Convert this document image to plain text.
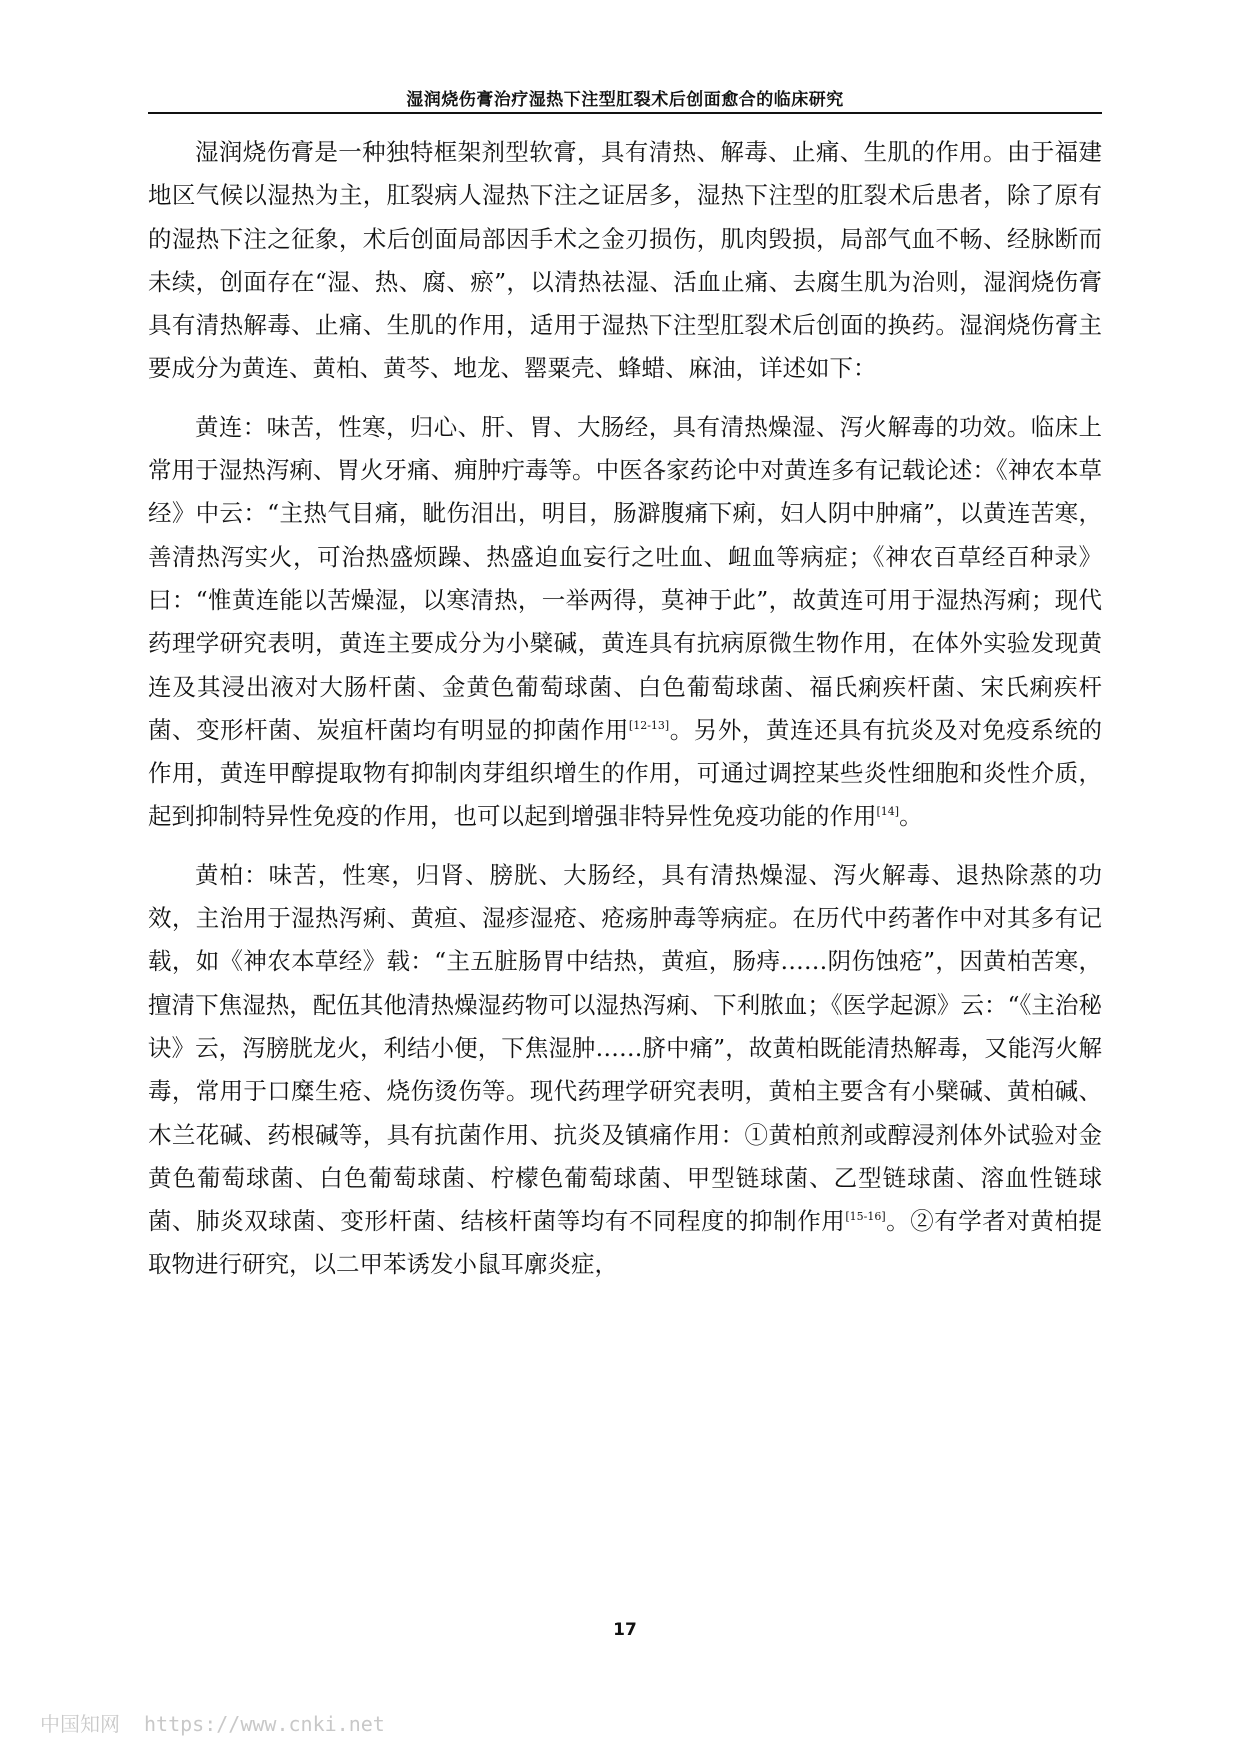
湿润烧伤膏治疗湿热下注型肛裂术后创面愈合的临床研究

湿润烧伤膏是一种独特框架剂型软膏，具有清热、解毒、止痛、生肌的作用。由于福建地区气候以湿热为主，肛裂病人湿热下注之证居多，湿热下注型的肛裂术后患者，除了原有的湿热下注之征象，术后创面局部因手术之金刃损伤，肌肉毁损，局部气血不畅、经脉断而未续，创面存在“湿、热、腐、瘀”，以清热祛湿、活血止痛、去腐生肌为治则，湿润烧伤膏具有清热解毒、止痛、生肌的作用，适用于湿热下注型肛裂术后创面的换药。湿润烧伤膏主要成分为黄连、黄柏、黄芩、地龙、罂粟壳、蜂蜡、麻油，详述如下：

黄连：味苦，性寒，归心、肝、胃、大肠经，具有清热燥湿、泻火解毒的功效。临床上常用于湿热泻痢、胃火牙痛、痈肿疔毒等。中医各家药论中对黄连多有记载论述：《神农本草经》中云：“主热气目痛，眦伤泪出，明目，肠澼腹痛下痢，妇人阴中肿痛”，以黄连苦寒，善清热泻实火，可治热盛烦躁、热盛迫血妄行之吐血、衄血等病症；《神农百草经百种录》曰：“惟黄连能以苦燥湿，以寒清热，一举两得，莫神于此”，故黄连可用于湿热泻痢；现代药理学研究表明，黄连主要成分为小檗碱，黄连具有抗病原微生物作用，在体外实验发现黄连及其浸出液对大肠杆菌、金黄色葡萄球菌、白色葡萄球菌、福氏痢疾杆菌、宋氏痢疾杆菌、变形杆菌、炭疽杆菌均有明显的抑菌作用[12-13]。另外，黄连还具有抗炎及对免疫系统的作用，黄连甲醇提取物有抑制肉芽组织增生的作用，可通过调控某些炎性细胞和炎性介质，起到抑制特异性免疫的作用，也可以起到增强非特异性免疫功能的作用[14]。

黄柏：味苦，性寒，归肾、膀胱、大肠经，具有清热燥湿、泻火解毒、退热除蒸的功效，主治用于湿热泻痢、黄疸、湿疹湿疮、疮疡肿毒等病症。在历代中药著作中对其多有记载，如《神农本草经》载：“主五脏肠胃中结热，黄疸，肠痔……阴伤蚀疮”，因黄柏苦寒，擅清下焦湿热，配伍其他清热燥湿药物可以湿热泻痢、下利脓血；《医学起源》云：“《主治秘诀》云，泻膀胱龙火，利结小便，下焦湿肿……脐中痛”，故黄柏既能清热解毒，又能泻火解毒，常用于口糜生疮、烧伤烫伤等。现代药理学研究表明，黄柏主要含有小檗碱、黄柏碱、木兰花碱、药根碱等，具有抗菌作用、抗炎及镇痛作用：①黄柏煎剂或醇浸剂体外试验对金黄色葡萄球菌、白色葡萄球菌、柠檬色葡萄球菌、甲型链球菌、乙型链球菌、溶血性链球菌、肺炎双球菌、变形杆菌、结核杆菌等均有不同程度的抑制作用[15-16]。②有学者对黄柏提取物进行研究，以二甲苯诱发小鼠耳廓炎症，

17
中国知网 https://www.cnki.net
